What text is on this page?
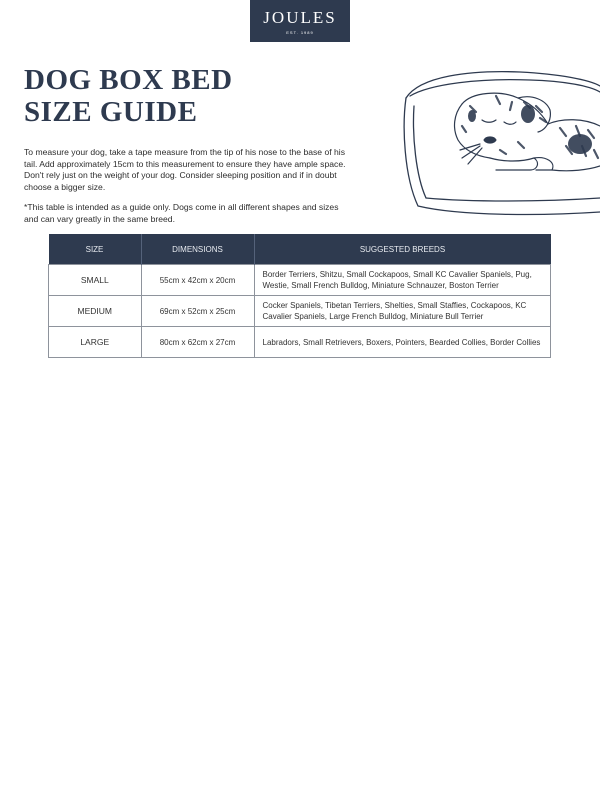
JOULES
EST. 1989
DOG BOX BED
SIZE GUIDE

To measure your dog, take a tape measure from the tip of his nose to the base of his tail. Add approximately 15cm to this measurement to ensure they have ample space. Don't rely just on the weight of your dog. Consider sleeping position and if in doubt choose a bigger size.

*This table is intended as a guide only. Dogs come in all different shapes and sizes and can vary greatly in the same breed.

SIZE	DIMENSIONS	SUGGESTED BREEDS
SMALL	55cm x 42cm x 20cm	Border Terriers, Shitzu, Small Cockapoos, Small KC Cavalier Spaniels, Pug, Westie, Small French Bulldog, Miniature Schnauzer, Boston Terrier
MEDIUM	69cm x 52cm x 25cm	Cocker Spaniels, Tibetan Terriers, Shelties, Small Staffies, Cockapoos, KC Cavalier Spaniels, Large French Bulldog, Miniature Bull Terrier
LARGE	80cm x 62cm x 27cm	Labradors, Small Retrievers, Boxers, Pointers, Bearded Collies, Border Collies
